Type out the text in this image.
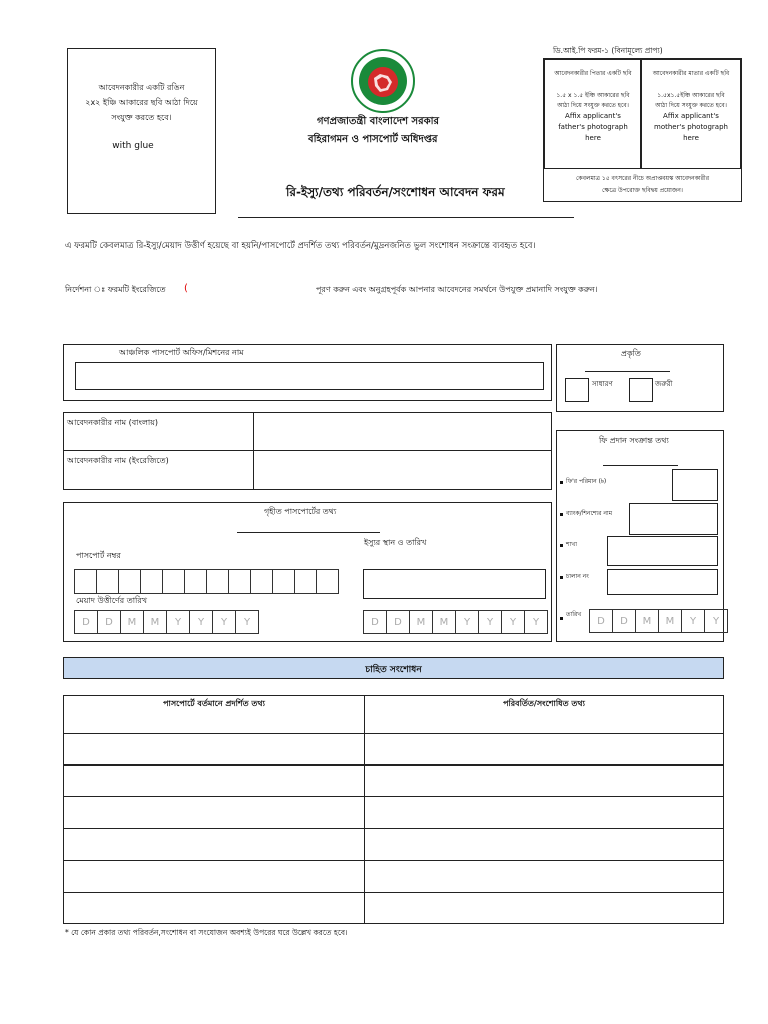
আবেদনকারীর একটি রঙিন
২x২ ইঞ্চি আকারের ছবি আঠা দিয়ে
সংযুক্ত করতে হবে।
with glue
গণপ্রজাতন্ত্রী বাংলাদেশ সরকার
বহিরাগমন ও পাসপোর্ট অধিদপ্তর
রি-ইস্যু/তথ্য পরিবর্তন/সংশোধন আবেদন ফরম
ডি.আই.পি ফরম-১ (বিনামূল্যে প্রাপ্য)
আবেদনকারীর পিতার একটি ছবি
১.৫ x ১.৫ ইঞ্চি আকারের ছবি
আঠা দিয়ে সংযুক্ত করতে হবে।
Affix applicant's
father's photograph
here
আবেদনকারীর মাতার একটি ছবি
১.৫x১.৫ইঞ্চি আকারের ছবি
আঠা দিয়ে সংযুক্ত করতে হবে।
Affix applicant's
mother's photograph
here
কেবলমাত্র ১৫ বৎসরের নীচে অপ্রাপ্তবয়স্ক আবেদনকারীর
ক্ষেত্রে উপরোক্ত ছবিদ্বয় প্রয়োজন।
এ ফরমটি কেবলমাত্র রি-ইস্যু/মেয়াদ উত্তীর্ণ হয়েছে বা হয়নি/পাসপোর্টে প্রদর্শিত তথ্য পরিবর্তন/মুদ্রনজনিত ভুল সংশোধন সংক্রান্তে ব্যবহৃত হবে।
নির্দেশনা ঃ ফরমটি ইংরেজিতে (	পূরণ করুন এবং অনুগ্রহপূর্বক আপনার আবেদনের সমর্থনে উপযুক্ত প্রমানাদি সংযুক্ত করুন।
আঞ্চলিক পাসপোর্ট অফিস/মিশনের নাম	প্রকৃতি
সাধারণ	জরুরী
আবেদনকারীর নাম (বাংলায়)
আবেদনকারীর নাম (ইংরেজিতে)
ফি প্রদান সংক্রান্ত তথ্য
ফি'র পরিমান (৳)
ব্যাংক/শিনশ্যের নাম
শাখা
চালান নং
তারিখ
D	D	M	M	Y	Y
গৃহীত পাসপোর্টের তথ্য
ইস্যুর স্থান ও তারিখ
পাসপোর্ট নম্বর
মেয়াদ উত্তীর্ণের তারিখ
D	D	M	M	Y	Y	Y	Y	D	D	M	M	Y	Y	Y	Y
চাহিত সংশোধন
পাসপোর্টে বর্তমানে প্রদর্শিত তথ্য	পরিবর্তিত/সংশোধিত তথ্য

* যে কোন প্রকার তথ্য পরিবর্তন,সংশোধন বা সংযোজন অবশ্যই উপরের ঘরে উল্লেখ করতে হবে।
